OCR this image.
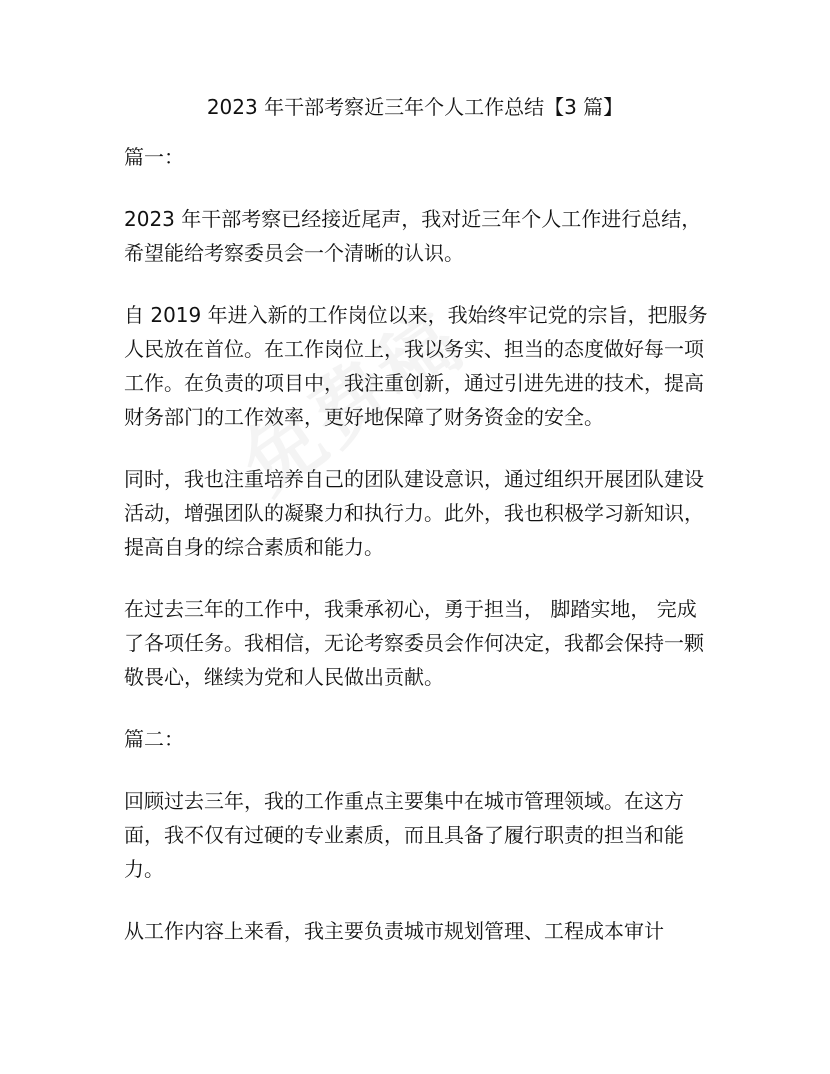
2023 年干部考察近三年个人工作总结【3 篇】
篇一：

2023 年干部考察已经接近尾声，我对近三年个人工作进行总结，希望能给考察委员会一个清晰的认识。

自 2019 年进入新的工作岗位以来，我始终牢记党的宗旨，把服务人民放在首位。在工作岗位上，我以务实、担当的态度做好每一项工作。在负责的项目中，我注重创新，通过引进先进的技术，提高财务部门的工作效率，更好地保障了财务资金的安全。

同时，我也注重培养自己的团队建设意识，通过组织开展团队建设活动，增强团队的凝聚力和执行力。此外，我也积极学习新知识，提高自身的综合素质和能力。

在过去三年的工作中，我秉承初心，勇于担当， 脚踏实地， 完成了各项任务。我相信，无论考察委员会作何决定，我都会保持一颗敬畏心，继续为党和人民做出贡献。

篇二：

回顾过去三年，我的工作重点主要集中在城市管理领域。在这方面，我不仅有过硬的专业素质，而且具备了履行职责的担当和能力。

从工作内容上来看，我主要负责城市规划管理、工程成本审计
